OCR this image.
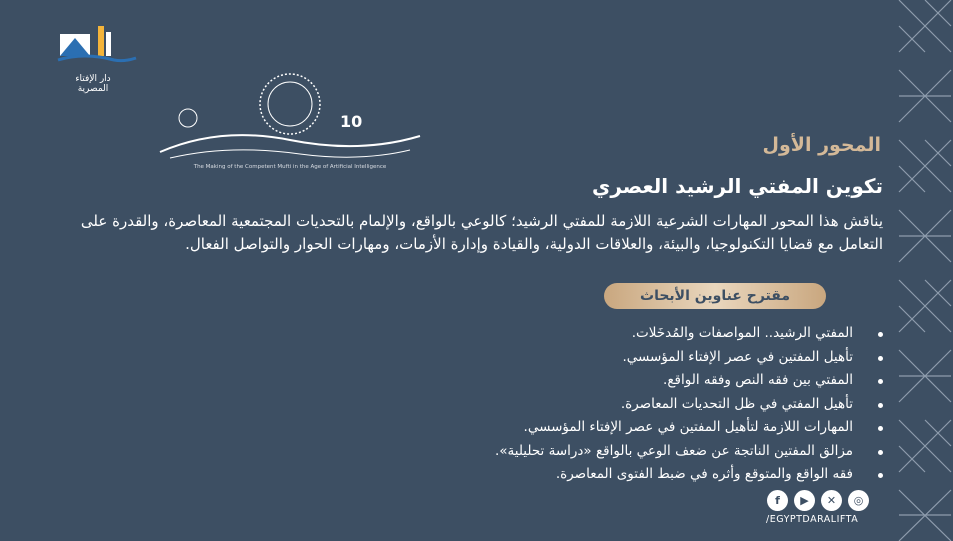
دار الإفتاء
المصرية
10
The Making of the Competent Mufti in the Age of Artificial Intelligence
المحور الأول
تكوين المفتي الرشيد العصري
يناقش هذا المحور المهارات الشرعية اللازمة للمفتي الرشيد؛ كالوعي بالواقع، والإلمام بالتحديات المجتمعية المعاصرة، والقدرة على التعامل مع قضايا التكنولوجيا، والبيئة، والعلاقات الدولية، والقيادة وإدارة الأزمات، ومهارات الحوار والتواصل الفعال.
مقترح عناوين الأبحاث
المفتي الرشيد.. المواصفات والمُدخَلات.
تأهيل المفتين في عصر الإفتاء المؤسسي.
المفتي بين فقه النص وفقه الواقع.
تأهيل المفتي في ظل التحديات المعاصرة.
المهارات اللازمة لتأهيل المفتين في عصر الإفتاء المؤسسي.
مزالق المفتين الناتجة عن ضعف الوعي بالواقع «دراسة تحليلية».
فقه الواقع والمتوقع وأثره في ضبط الفتوى المعاصرة.
f	▶	✕	◎
/EGYPTDARALIFTA
